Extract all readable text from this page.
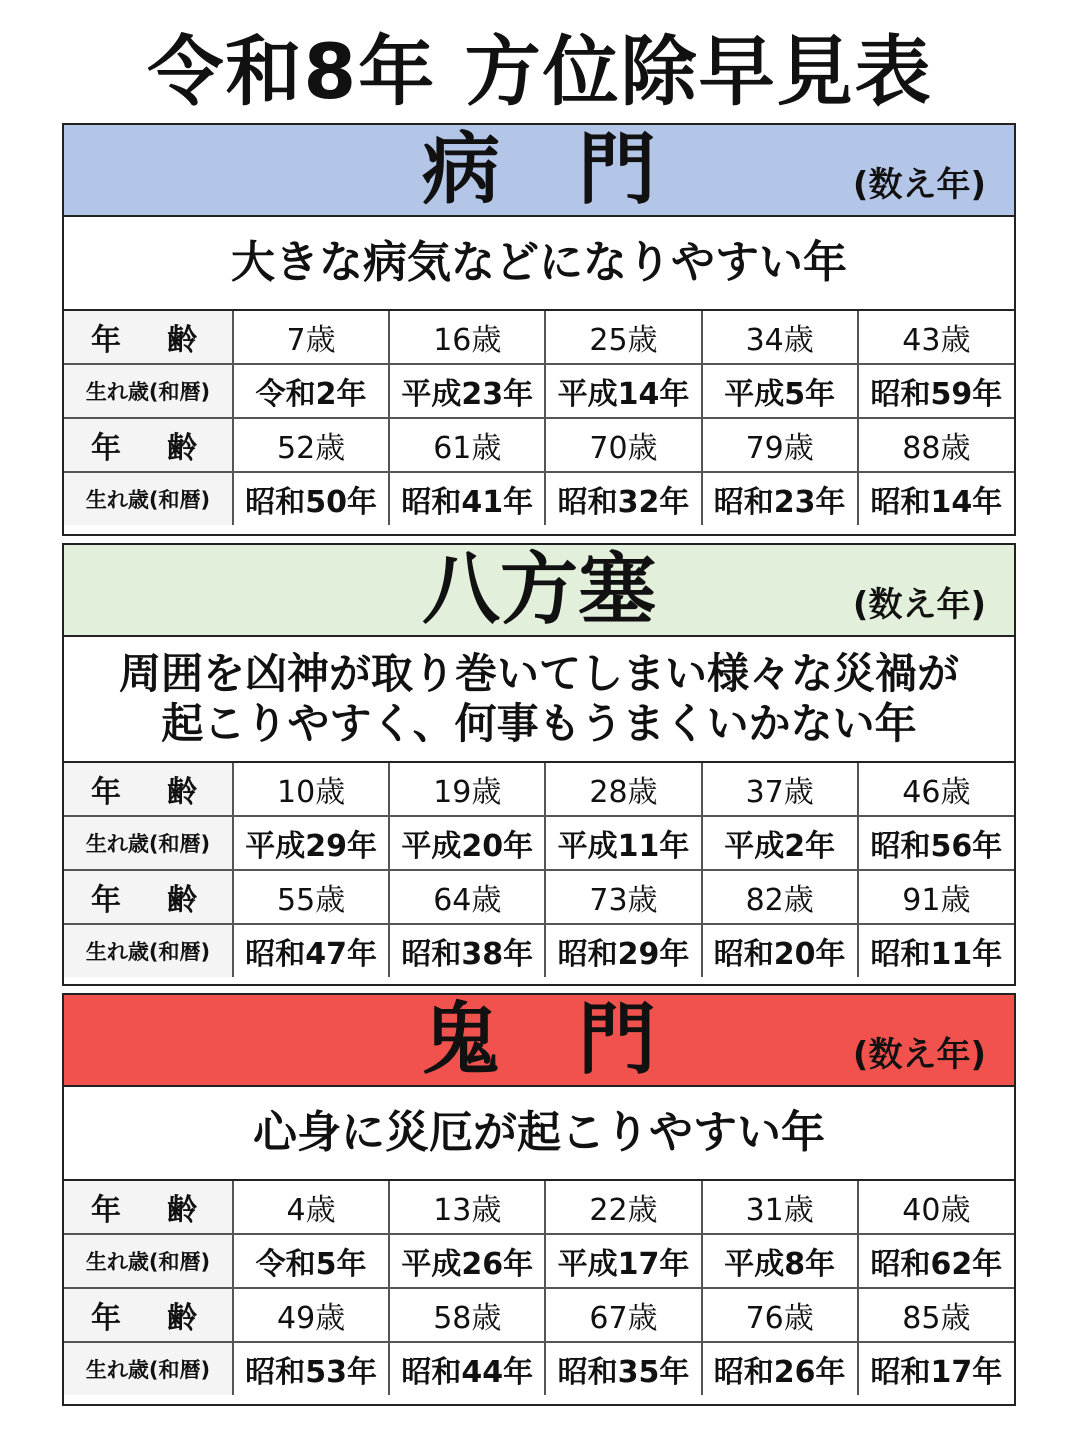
令和8年 方位除早見表
病　門	(数え年)
大きな病気などになりやすい年
年　齢	7歳	16歳	25歳	34歳	43歳
生れ歳(和暦)	令和2年	平成23年	平成14年	平成5年	昭和59年
年　齢	52歳	61歳	70歳	79歳	88歳
生れ歳(和暦)	昭和50年	昭和41年	昭和32年	昭和23年	昭和14年
八方塞	(数え年)
周囲を凶神が取り巻いてしまい様々な災禍が
起こりやすく、何事もうまくいかない年
年　齢	10歳	19歳	28歳	37歳	46歳
生れ歳(和暦)	平成29年	平成20年	平成11年	平成2年	昭和56年
年　齢	55歳	64歳	73歳	82歳	91歳
生れ歳(和暦)	昭和47年	昭和38年	昭和29年	昭和20年	昭和11年
鬼　門	(数え年)
心身に災厄が起こりやすい年
年　齢	4歳	13歳	22歳	31歳	40歳
生れ歳(和暦)	令和5年	平成26年	平成17年	平成8年	昭和62年
年　齢	49歳	58歳	67歳	76歳	85歳
生れ歳(和暦)	昭和53年	昭和44年	昭和35年	昭和26年	昭和17年
